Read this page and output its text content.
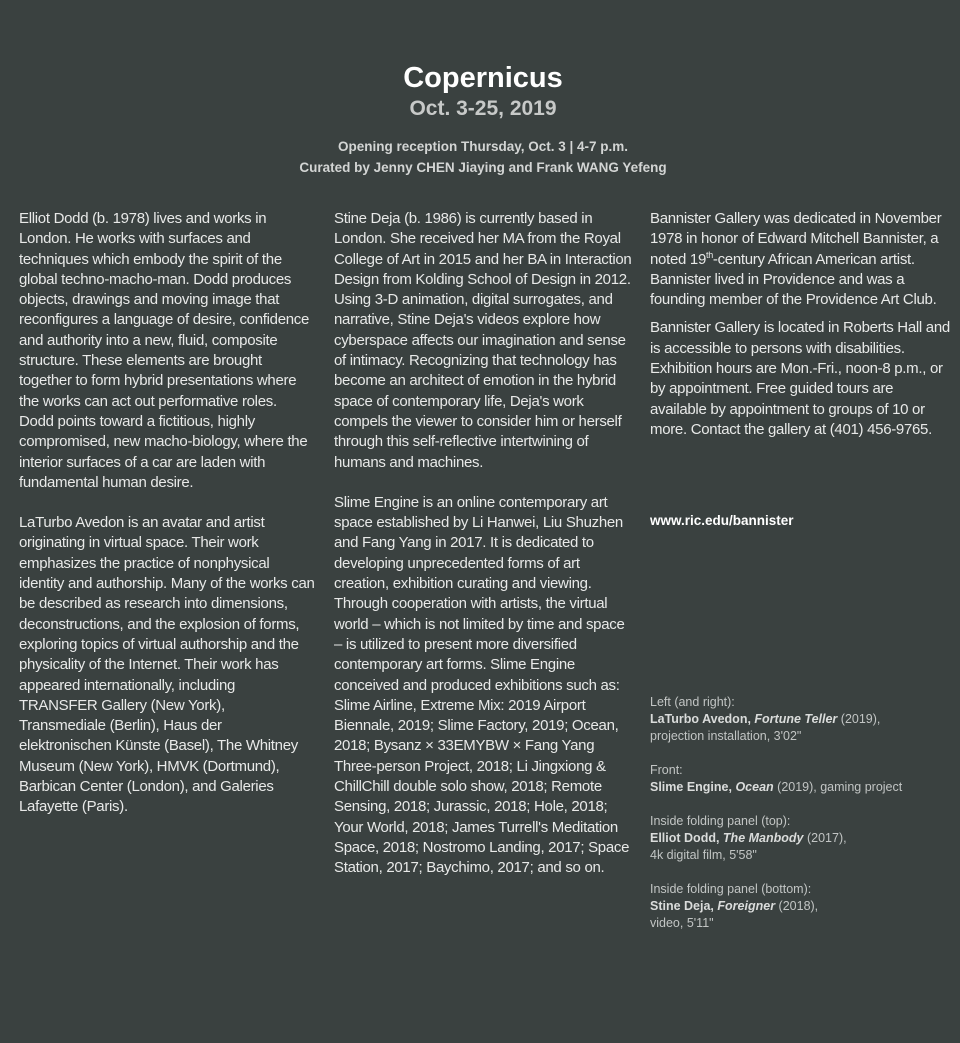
Copernicus
Oct. 3-25, 2019
Opening reception Thursday, Oct. 3 | 4-7 p.m.
Curated by Jenny CHEN Jiaying and Frank WANG Yefeng

Elliot Dodd (b. 1978) lives and works in London. He works with surfaces and techniques which embody the spirit of the global techno-macho-man. Dodd produces objects, drawings and moving image that reconfigures a language of desire, confidence and authority into a new, fluid, composite structure. These elements are brought together to form hybrid presentations where the works can act out performative roles. Dodd points toward a fictitious, highly compromised, new macho-biology, where the interior surfaces of a car are laden with fundamental human desire.

LaTurbo Avedon is an avatar and artist originating in virtual space. Their work emphasizes the practice of nonphysical identity and authorship. Many of the works can be described as research into dimensions, deconstructions, and the explosion of forms, exploring topics of virtual authorship and the physicality of the Internet. Their work has appeared internationally, including TRANSFER Gallery (New York), Transmediale (Berlin), Haus der elektronischen Künste (Basel), The Whitney Museum (New York), HMVK (Dortmund), Barbican Center (London), and Galeries Lafayette (Paris).

Stine Deja (b. 1986) is currently based in London. She received her MA from the Royal College of Art in 2015 and her BA in Interaction Design from Kolding School of Design in 2012. Using 3-D animation, digital surrogates, and narrative, Stine Deja's videos explore how cyberspace affects our imagination and sense of intimacy. Recognizing that technology has become an architect of emotion in the hybrid space of contemporary life, Deja's work compels the viewer to consider him or herself through this self-reflective intertwining of humans and machines.

Slime Engine is an online contemporary art space established by Li Hanwei, Liu Shuzhen and Fang Yang in 2017. It is dedicated to developing unprecedented forms of art creation, exhibition curating and viewing. Through cooperation with artists, the virtual world – which is not limited by time and space – is utilized to present more diversified contemporary art forms. Slime Engine conceived and produced exhibitions such as: Slime Airline, Extreme Mix: 2019 Airport Biennale, 2019; Slime Factory, 2019; Ocean, 2018; Bysanz × 33EMYBW × Fang Yang Three-person Project, 2018; Li Jingxiong & ChillChill double solo show, 2018; Remote Sensing, 2018; Jurassic, 2018; Hole, 2018; Your World, 2018; James Turrell's Meditation Space, 2018; Nostromo Landing, 2017; Space Station, 2017; Baychimo, 2017; and so on.

Bannister Gallery was dedicated in November 1978 in honor of Edward Mitchell Bannister, a noted 19th-century African American artist. Bannister lived in Providence and was a founding member of the Providence Art Club.

Bannister Gallery is located in Roberts Hall and is accessible to persons with disabilities. Exhibition hours are Mon.-Fri., noon-8 p.m., or by appointment. Free guided tours are available by appointment to groups of 10 or more. Contact the gallery at (401) 456-9765.

www.ric.edu/bannister
Left (and right):
LaTurbo Avedon, Fortune Teller (2019),
projection installation, 3'02"
Front:
Slime Engine, Ocean (2019), gaming project
Inside folding panel (top):
Elliot Dodd, The Manbody (2017),
4k digital film, 5'58"
Inside folding panel (bottom):
Stine Deja, Foreigner (2018),
video, 5'11"
